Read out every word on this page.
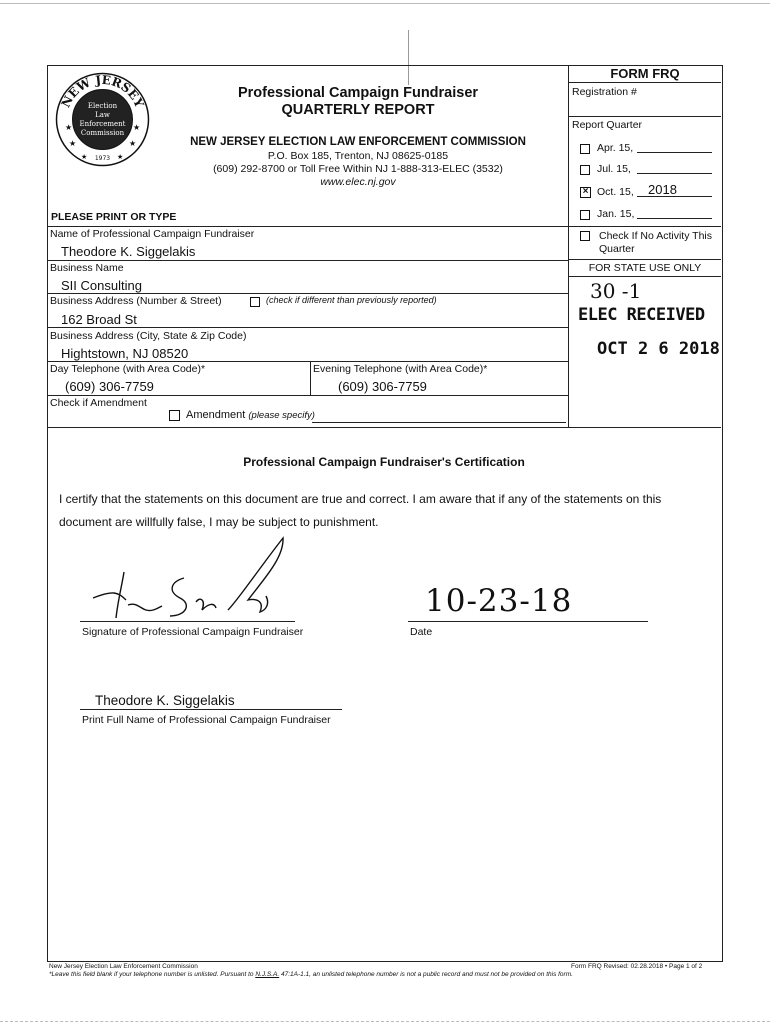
NEW JERSEY
Election
Law
Enforcement
Commission
1973
★	★
★	★
★	★
Professional Campaign Fundraiser
QUARTERLY REPORT
NEW JERSEY ELECTION LAW ENFORCEMENT COMMISSION
P.O. Box 185, Trenton, NJ 08625-0185
(609) 292-8700 or Toll Free Within NJ 1-888-313-ELEC (3532)
www.elec.nj.gov
FORM FRQ
Registration #
Report Quarter
Apr. 15,
Jul. 15,
× Oct. 15, 2018
Jan. 15,
Check If No Activity This
Quarter
FOR STATE USE ONLY
30 -1
ELEC RECEIVED
OCT 2 6 2018
PLEASE PRINT OR TYPE
Name of Professional Campaign Fundraiser
Theodore K. Siggelakis
Business Name
SII Consulting
Business Address (Number & Street)	(check if different than previously reported)
162 Broad St
Business Address (City, State & Zip Code)
Hightstown, NJ 08520
Day Telephone (with Area Code)*	Evening Telephone (with Area Code)*
(609) 306-7759	(609) 306-7759
Check if Amendment
Amendment (please specify)
Professional Campaign Fundraiser's Certification
I certify that the statements on this document are true and correct. I am aware that if any of the statements on this
document are willfully false, I may be subject to punishment.
Signature of Professional Campaign Fundraiser
10-23-18
Date
Theodore K. Siggelakis
Print Full Name of Professional Campaign Fundraiser
New Jersey Election Law Enforcement Commission
*Leave this field blank if your telephone number is unlisted. Pursuant to N.J.S.A. 47:1A-1.1, an unlisted telephone number is not a public record and must not be provided on this form.
Form FRQ Revised: 02.28.2018 • Page 1 of 2
